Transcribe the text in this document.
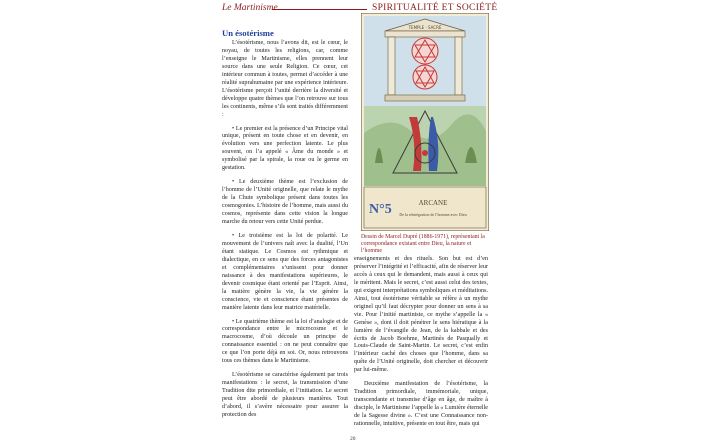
Le Martinisme	SPIRITUALITÉ ET SOCIÉTÉ
Un ésotérisme

L’ésotérisme, nous l’avons dit, est le cœur, le noyau, de toutes les religions, car, comme l’enseigne le Martinisme, elles prennent leur source dans une seule Religion. Ce cœur, cet intérieur commun à toutes, permet d’accéder à une réalité suprahumaine par une expérience intérieure. L’ésotérisme perçoit l’unité derrière la diversité et développe quatre thèmes que l’on retrouve sur tous les continents, même s’ils sont traités différemment :

• Le premier est la présence d’un Principe vital unique, présent en toute chose et en devenir, en évolution vers une perfection latente. Le plus souvent, on l’a appelé « Âme du monde » et symbolisé par la spirale, la roue ou le germe en gestation.

• Le deuxième thème est l’exclusion de l’homme de l’Unité originelle, que relate le mythe de la Chute symbolique présent dans toutes les cosmogonies. L’histoire de l’homme, mais aussi du cosmos, représente dans cette vision la longue marche du retour vers cette Unité perdue.

• Le troisième est la loi de polarité. Le mouvement de l’univers naît avec la dualité, l’Un étant statique. Le Cosmos est rythmique et dialectique, en ce sens que des forces antagonistes et complémentaires s’unissent pour donner naissance à des manifestations supérieures, le devenir cosmique étant orienté par l’Esprit. Ainsi, la matière génère la vie, la vie génère la conscience, vie et conscience étant présentes de manière latente dans leur matrice matérielle.

• Le quatrième thème est la loi d’analogie et de correspondance entre le microcosme et le macrocosme, d’où découle un principe de connaissance essentiel : on ne peut connaître que ce que l’on porte déjà en soi. Or, nous retrouvons tous ces thèmes dans le Martinisme.

L’ésotérisme se caractérise également par trois manifestations : le secret, la transmission d’une Tradition dite primordiale, et l’initiation. Le secret peut être abordé de plusieurs manières. Tout d’abord, il s’avère nécessaire pour assurer la protection des

TEMPLE · SACRÉ
N°5	ARCANE
De la réintégration de l’homme avec Dieu
Dessin de Marcel Dupré (1886-1971), représentant la correspondance existant entre Dieu, la nature et l’homme

enseignements et des rituels. Son but est d’en préserver l’intégrité et l’efficacité, afin de réserver leur accès à ceux qui le demandent, mais aussi à ceux qui le méritent. Mais le secret, c’est aussi celui des textes, qui exigent interprétations symboliques et méditations. Ainsi, tout ésotérisme véritable se réfère à un mythe originel qu’il faut décrypter pour donner un sens à sa vie. Pour l’initié martiniste, ce mythe s’appelle la « Genèse », dont il doit pénétrer le sens hiératique à la lumière de l’évangile de Jean, de la kabbale et des écrits de Jacob Boehme, Martinès de Pasqually et Louis-Claude de Saint-Martin. Le secret, c’est enfin l’intérieur caché des choses que l’homme, dans sa quête de l’Unité originelle, doit chercher et découvrir par lui-même.

Deuxième manifestation de l’ésotérisme, la Tradition primordiale, immémoriale, unique, transcendante et transmise d’âge en âge, de maître à disciple, le Martinisme l’appelle la « Lumière éternelle de la Sagesse divine ». C’est une Connaissance non-rationnelle, intuitive, présente en tout être, mais qui

20
